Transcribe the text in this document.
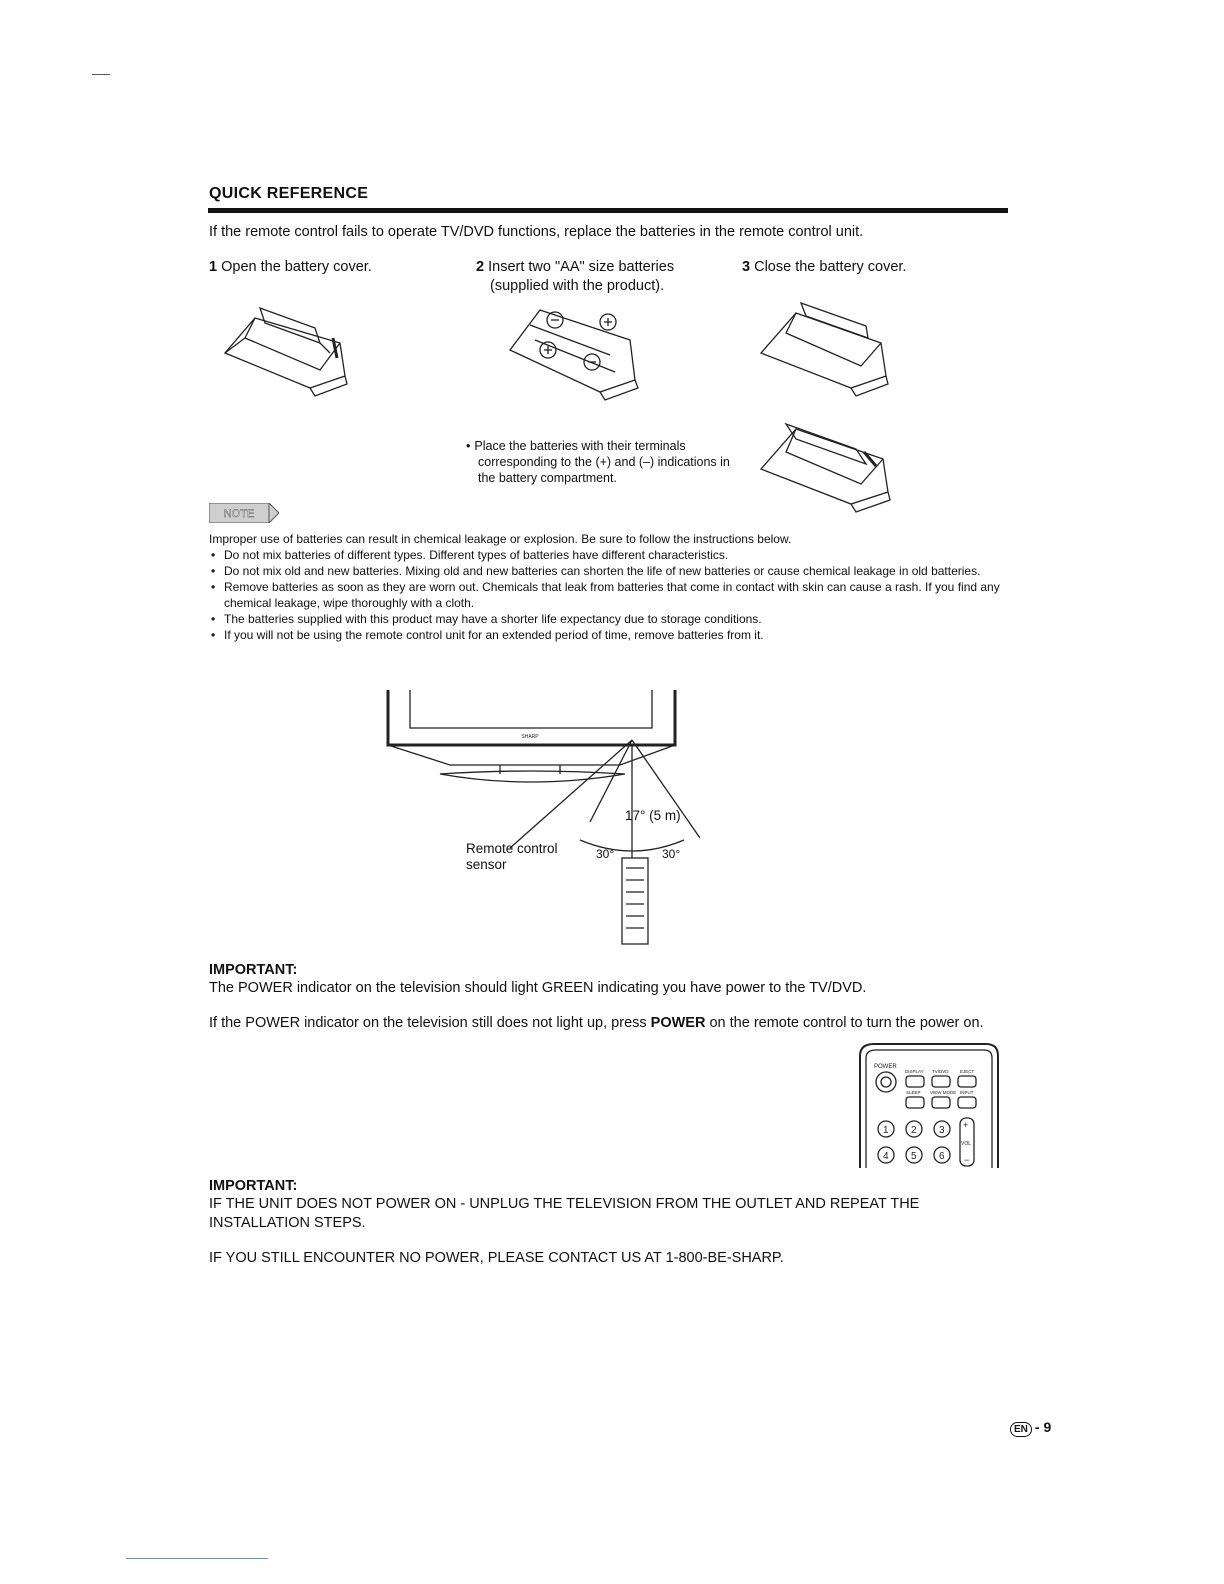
QUICK REFERENCE
If the remote control fails to operate TV/DVD functions, replace the batteries in the remote control unit.
1 Open the battery cover.	2 Insert two "AA" size batteries
(supplied with the product).
3 Close the battery cover.
• Place the batteries with their terminals corresponding to the (+) and (–) indications in the battery compartment.
NOTE
Improper use of batteries can result in chemical leakage or explosion. Be sure to follow the instructions below.
• Do not mix batteries of different types. Different types of batteries have different characteristics.
• Do not mix old and new batteries. Mixing old and new batteries can shorten the life of new batteries or cause chemical leakage in old batteries.
• Remove batteries as soon as they are worn out. Chemicals that leak from batteries that come in contact with skin can cause a rash. If you find any chemical leakage, wipe thoroughly with a cloth.
• The batteries supplied with this product may have a shorter life expectancy due to storage conditions.
• If you will not be using the remote control unit for an extended period of time, remove batteries from it.
SHARP
17° (5 m)
30°	30°
Remote control
sensor
IMPORTANT:
The POWER indicator on the television should light GREEN indicating you have power to the TV/DVD.
If the POWER indicator on the television still does not light up, press POWER on the remote control to turn the power on.
POWER
DISPLAY TV/DVD	EJECT
SLEEP VIEW MODE INPUT
VOL
1 2 3
4 5 6
+
−
IMPORTANT:
IF THE UNIT DOES NOT POWER ON - UNPLUG THE TELEVISION FROM THE OUTLET AND REPEAT THE INSTALLATION STEPS.
IF YOU STILL ENCOUNTER NO POWER, PLEASE CONTACT US AT 1-800-BE-SHARP.
EN - 9
